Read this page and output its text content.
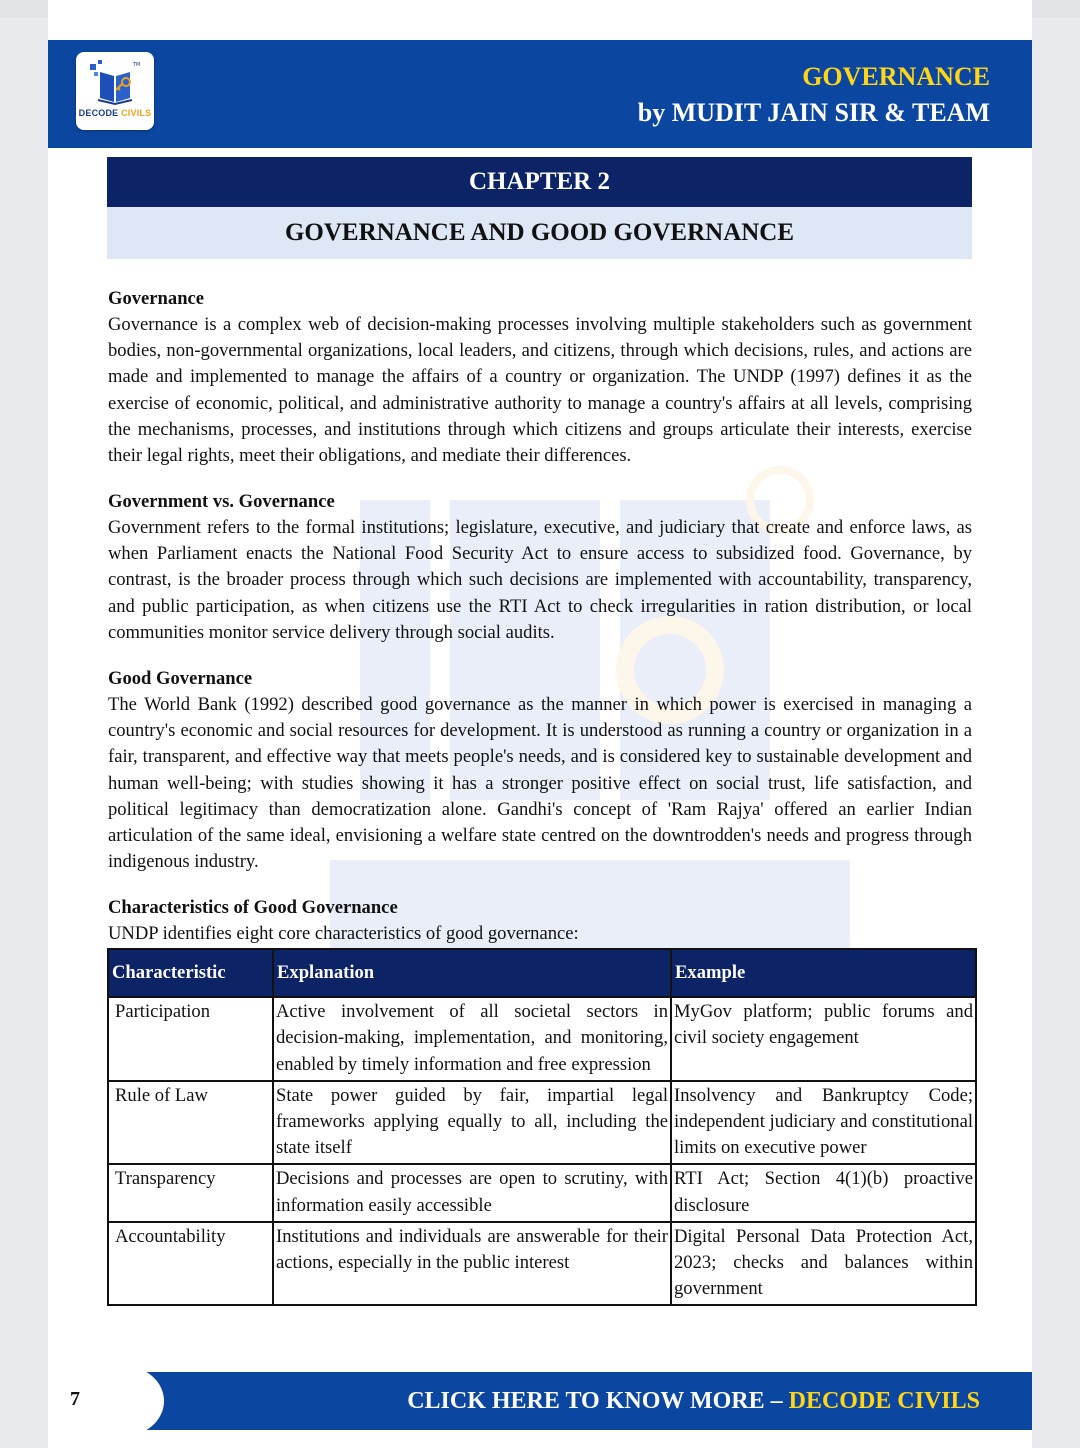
TM
DECODE CIVILS
GOVERNANCE
by MUDIT JAIN SIR & TEAM
CHAPTER 2
GOVERNANCE AND GOOD GOVERNANCE
Governance

Governance is a complex web of decision-making processes involving multiple stakeholders such as government bodies, non-governmental organizations, local leaders, and citizens, through which decisions, rules, and actions are made and implemented to manage the affairs of a country or organization. The UNDP (1997) defines it as the exercise of economic, political, and administrative authority to manage a country's affairs at all levels, comprising the mechanisms, processes, and institutions through which citizens and groups articulate their interests, exercise their legal rights, meet their obligations, and mediate their differences.

Government vs. Governance

Government refers to the formal institutions; legislature, executive, and judiciary that create and enforce laws, as when Parliament enacts the National Food Security Act to ensure access to subsidized food. Governance, by contrast, is the broader process through which such decisions are implemented with accountability, transparency, and public participation, as when citizens use the RTI Act to check irregularities in ration distribution, or local communities monitor service delivery through social audits.

Good Governance

The World Bank (1992) described good governance as the manner in which power is exercised in managing a country's economic and social resources for development. It is understood as running a country or organization in a fair, transparent, and effective way that meets people's needs, and is considered key to sustainable development and human well-being; with studies showing it has a stronger positive effect on social trust, life satisfaction, and political legitimacy than democratization alone. Gandhi's concept of 'Ram Rajya' offered an earlier Indian articulation of the same ideal, envisioning a welfare state centred on the downtrodden's needs and progress through indigenous industry.

Characteristics of Good Governance

UNDP identifies eight core characteristics of good governance:

Characteristic	Explanation	Example
Participation	Active involvement of all societal sectors in decision-making, implementation, and monitoring, enabled by timely information and free expression	MyGov platform; public forums and civil society engagement
Rule of Law	State power guided by fair, impartial legal frameworks applying equally to all, including the state itself	Insolvency and Bankruptcy Code; independent judiciary and constitutional limits on executive power
Transparency	Decisions and processes are open to scrutiny, with information easily accessible	RTI Act; Section 4(1)(b) proactive disclosure
Accountability	Institutions and individuals are answerable for their actions, especially in the public interest	Digital Personal Data Protection Act, 2023; checks and balances within government
CLICK HERE TO KNOW MORE – DECODE CIVILS
7
